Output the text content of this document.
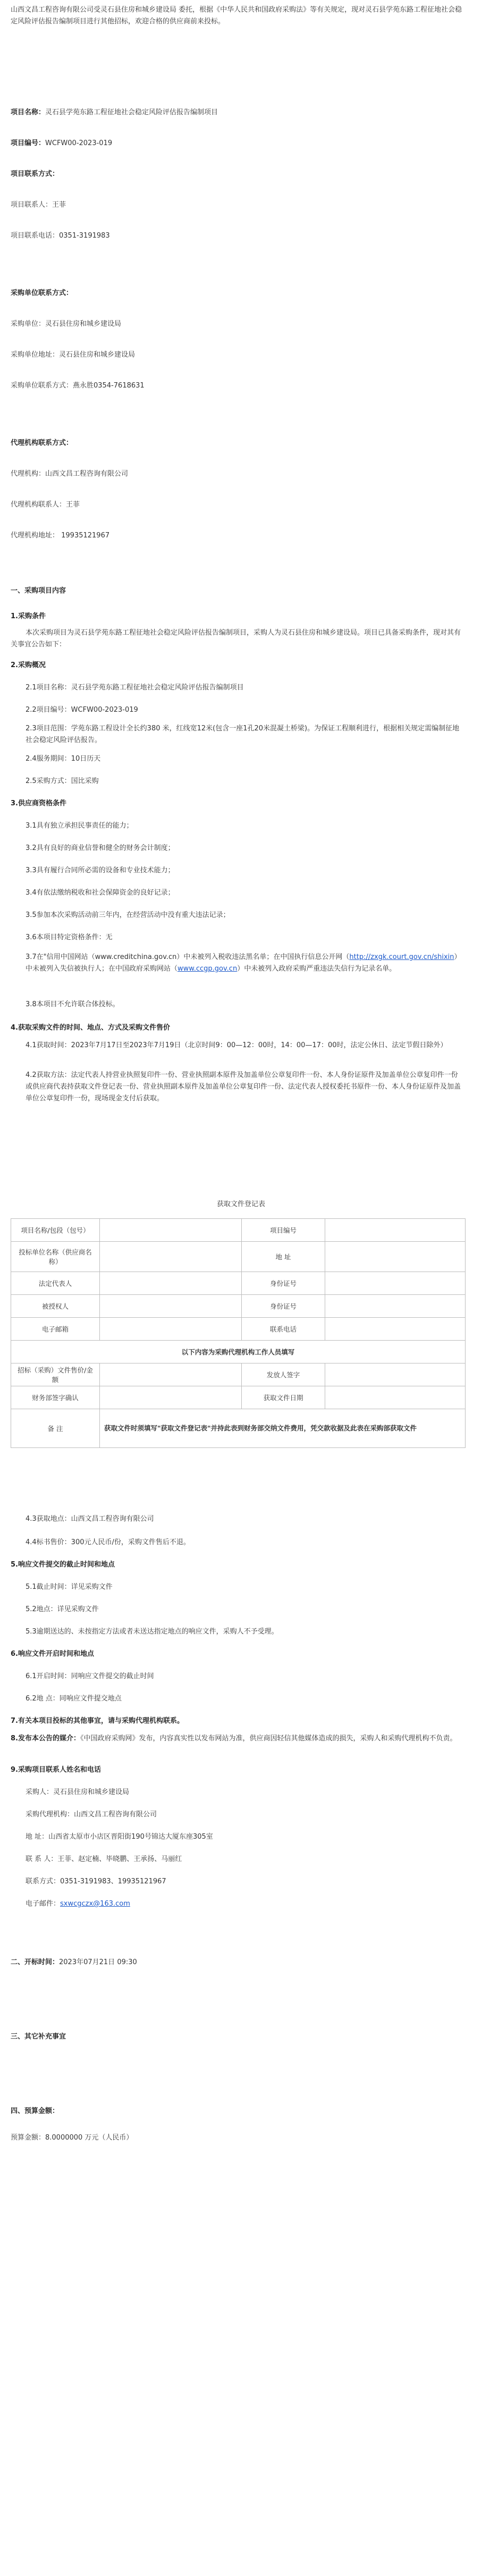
山西文昌工程咨询有限公司受灵石县住房和城乡建设局 委托，根据《中华人民共和国政府采购法》等有关规定，现对灵石县学苑东路工程征地社会稳定风险评估报告编制项目进行其他招标，欢迎合格的供应商前来投标。

项目名称：灵石县学苑东路工程征地社会稳定风险评估报告编制项目

项目编号：WCFW00-2023-019

项目联系方式：

项目联系人：王菲

项目联系电话：0351-3191983

采购单位联系方式：

采购单位：灵石县住房和城乡建设局

采购单位地址：灵石县住房和城乡建设局

采购单位联系方式：燕永胜0354-7618631

代理机构联系方式：

代理机构：山西文昌工程咨询有限公司

代理机构联系人：王菲

代理机构地址： 19935121967

一、采购项目内容

1.采购条件

本次采购项目为灵石县学苑东路工程征地社会稳定风险评估报告编制项目，采购人为灵石县住房和城乡建设局。项目已具备采购条件，现对其有关事宜公告如下：

2.采购概况

2.1项目名称：灵石县学苑东路工程征地社会稳定风险评估报告编制项目

2.2项目编号：WCFW00-2023-019

2.3项目范围：学苑东路工程设计全长约380 米，红线宽12米(包含一座1孔20米混凝土桥梁)。为保证工程顺利进行，根据相关规定需编制征地社会稳定风险评估报告。

2.4服务期间：10日历天

2.5采购方式：国比采购

3.供应商资格条件

3.1具有独立承担民事责任的能力；

3.2具有良好的商业信誉和健全的财务会计制度；

3.3具有履行合同所必需的设备和专业技术能力；

3.4有依法缴纳税收和社会保障资金的良好记录；

3.5参加本次采购活动前三年内，在经营活动中没有重大违法记录；

3.6本项目特定资格条件：无

3.7在"信用中国网站（www.creditchina.gov.cn）中未被列入税收违法黑名单；在中国执行信息公开网（http://zxgk.court.gov.cn/shixin）中未被列入失信被执行人；在中国政府采购网站（www.ccgp.gov.cn）中未被列入政府采购严重违法失信行为记录名单。

3.8本项目不允许联合体投标。

4.获取采购文件的时间、地点、方式及采购文件售价

4.1获取时间：2023年7月17日至2023年7月19日（北京时间9：00—12：00时，14：00—17：00时，法定公休日、法定节假日除外）

4.2获取方法：法定代表人持营业执照复印件一份、营业执照副本原件及加盖单位公章复印件一份、本人身份证原件及加盖单位公章复印件一份或供应商代表持获取文件登记表一份、营业执照副本原件及加盖单位公章复印件一份、法定代表人授权委托书原件一份、本人身份证原件及加盖单位公章复印件一份，现场现金支付后获取。

获取文件登记表

项目名称/包段（包号）		项目编号	
投标单位名称（供应商名称）		地 址	
法定代表人		身份证号	
被授权人		身份证号	
电子邮箱		联系电话	
以下内容为采购代理机构工作人员填写			
招标（采购）文件售价/金额		发放人签字	
财务部签字确认		获取文件日期	
备 注	获取文件时须填写"获取文件登记表"并持此表到财务部交纳文件费用，凭交款收据及此表在采购部获取文件		

4.3获取地点：山西文昌工程咨询有限公司

4.4标书售价：300元人民币/份，采购文件售后不退。

5.响应文件提交的截止时间和地点

5.1截止时间：详见采购文件

5.2地点：详见采购文件

5.3逾期送达的、未按指定方法或者未送达指定地点的响应文件，采购人不予受理。

6.响应文件开启时间和地点

6.1开启时间：同响应文件提交的截止时间

6.2地 点：同响应文件提交地点

7.有关本项目投标的其他事宜，请与采购代理机构联系。

8.发布本公告的媒介：《中国政府采购网》发布，内容真实性以发布网站为准，供应商因轻信其他媒体造成的损失，采购人和采购代理机构不负责。

9.采购项目联系人姓名和电话

采购人：灵石县住房和城乡建设局

采购代理机构：山西文昌工程咨询有限公司

地 址：山西省太原市小店区晋阳街190号锦达大厦东座305室

联 系 人：王菲、赵定楠、毕晓鹏、王承扬、马丽红

联系方式：0351-3191983、19935121967

电子邮件：sxwcgczx@163.com

二、开标时间：2023年07月21日 09:30

三、其它补充事宜

四、预算金额：

预算金额：8.0000000 万元（人民币）
